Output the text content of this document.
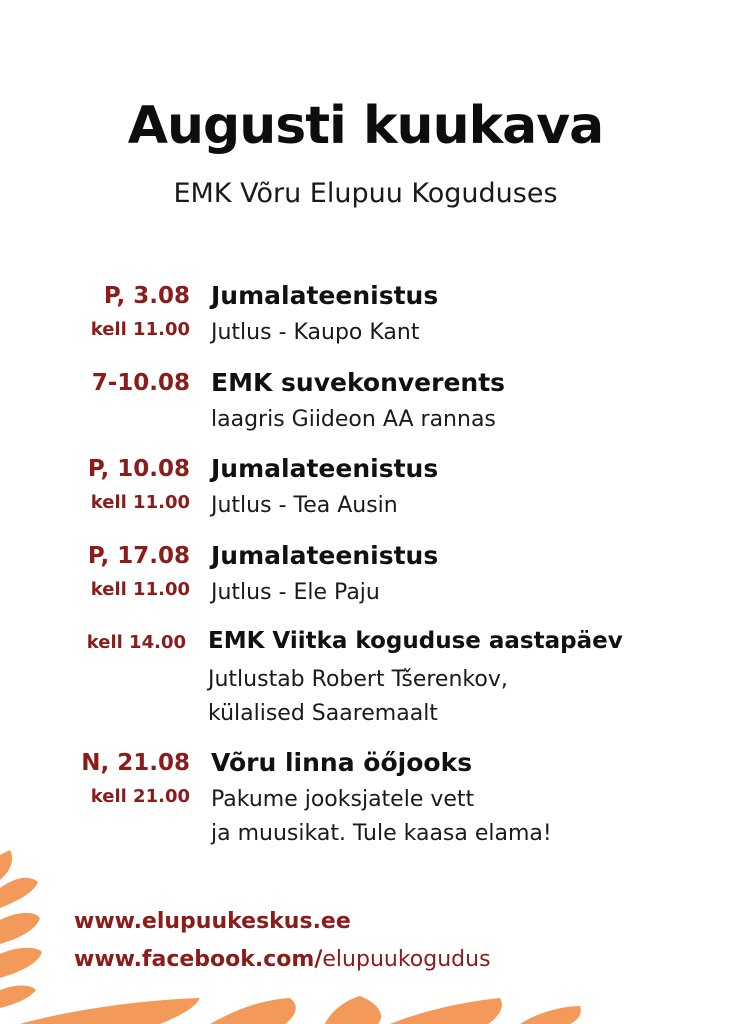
Augusti kuukava
EMK Võru Elupuu Koguduses
P, 3.08
kell 11.00
Jumalateenistus
Jutlus - Kaupo Kant
7-10.08 EMK suvekonverents
laagris Giideon AA rannas
P, 10.08
kell 11.00
Jumalateenistus
Jutlus - Tea Ausin
P, 17.08
kell 11.00
Jumalateenistus
Jutlus - Ele Paju
kell 14.00 EMK Viitka koguduse aastapäev
Jutlustab Robert Tšerenkov,
külalised Saaremaalt
N, 21.08
kell 21.00
Võru linna öőjooks
Pakume jooksjatele vett
ja muusikat. Tule kaasa elama!
www.elupuukeskus.ee
www.facebook.com/elupuukogudus
